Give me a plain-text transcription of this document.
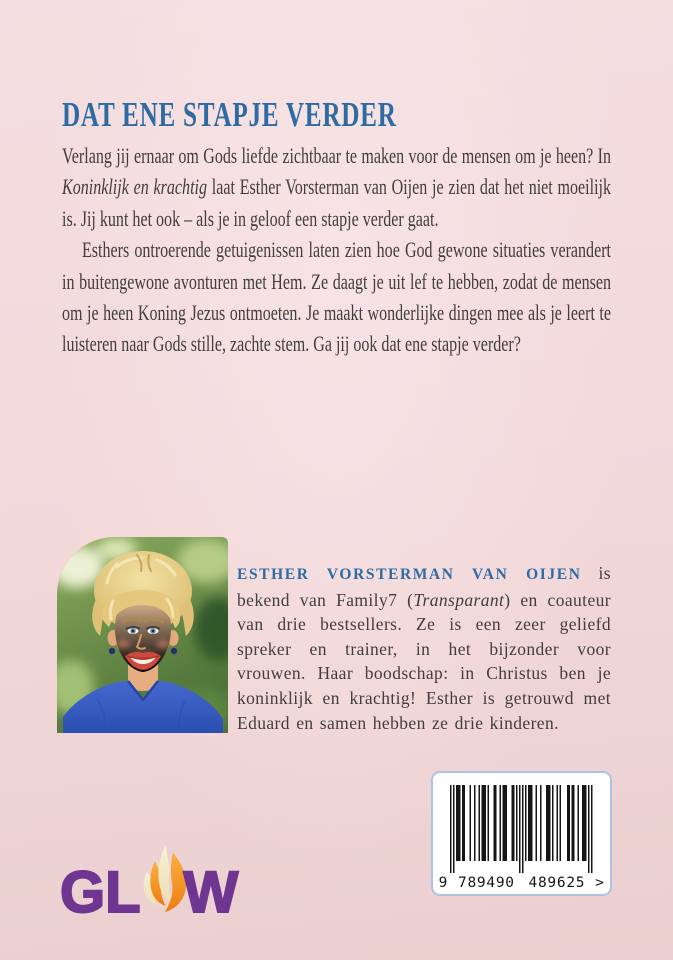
DAT ENE STAPJE VERDER

Verlang jij ernaar om Gods liefde zichtbaar te maken voor de mensen om je heen? In Koninklijk en krachtig laat Esther Vorsterman van Oijen je zien dat het niet moeilijk is. Jij kunt het ook – als je in geloof een stapje verder gaat.

Esthers ontroerende getuigenissen laten zien hoe God gewone situaties verandert in buitengewone avonturen met Hem. Ze daagt je uit lef te hebben, zodat de mensen om je heen Koning Jezus ontmoeten. Je maakt wonderlijke dingen mee als je leert te luisteren naar Gods stille, zachte stem. Ga jij ook dat ene stapje verder?

ESTHER VORSTERMAN VAN OIJEN is bekend van Family7 (Transparant) en coauteur van drie bestsellers. Ze is een zeer geliefd spreker en trainer, in het bijzonder voor vrouwen. Haar boodschap: in Christus ben je koninklijk en krachtig! Esther is getrouwd met Eduard en samen hebben ze drie kinderen.

GL W	9 789490 489625 >
